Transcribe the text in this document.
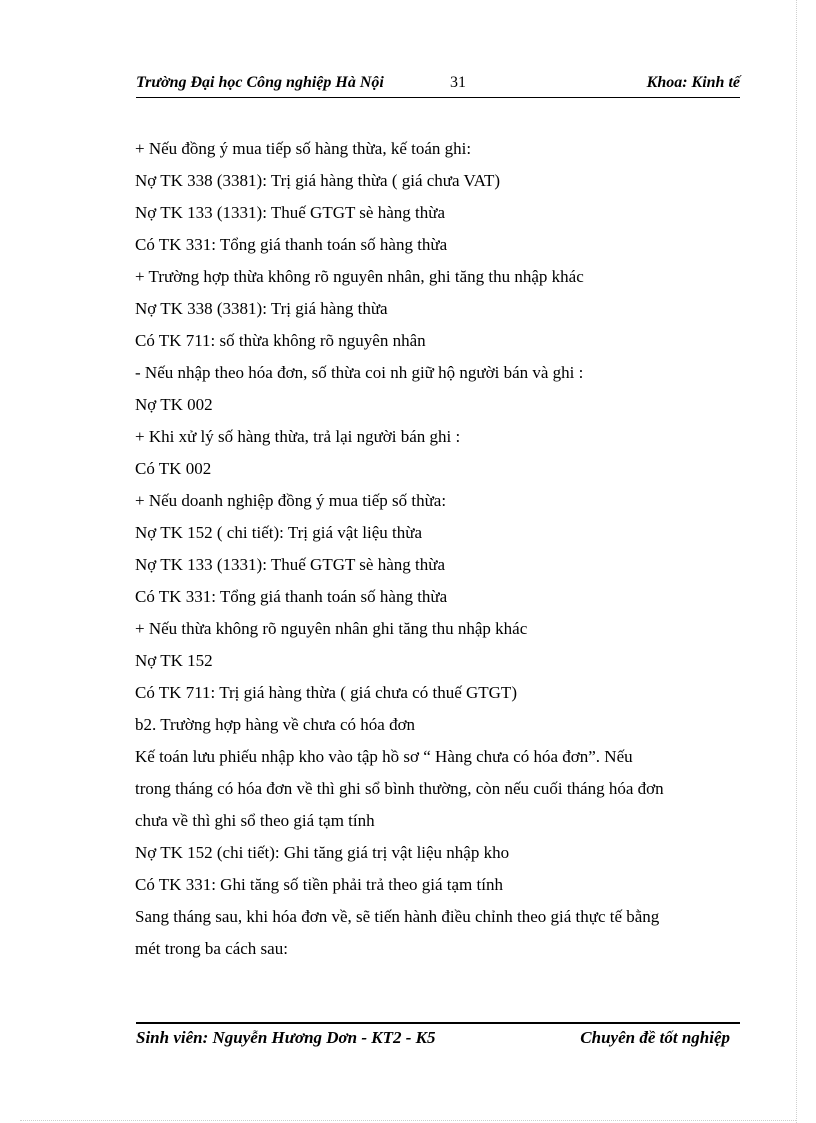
Trường Đại học Công nghiệp Hà Nội	31	Khoa: Kinh tế
+ Nếu đồng ý mua tiếp số hàng thừa, kế toán ghi:
Nợ TK 338 (3381): Trị giá hàng thừa ( giá chưa VAT)
Nợ TK 133 (1331): Thuế GTGT sè hàng thừa
Có TK 331: Tổng giá thanh toán số hàng thừa
+ Trường hợp thừa không rõ nguyên nhân, ghi tăng thu nhập khác
Nợ TK 338 (3381): Trị giá hàng thừa
Có TK 711: số thừa không rõ nguyên nhân
- Nếu nhập theo hóa đơn, số thừa coi nh giữ hộ người bán và ghi :
Nợ TK 002
+ Khi xử lý số hàng thừa, trả lại người bán ghi :
Có TK 002
+ Nếu doanh nghiệp đồng ý mua tiếp số thừa:
Nợ TK 152 ( chi tiết): Trị giá vật liệu thừa
Nợ TK 133 (1331): Thuế GTGT sè hàng thừa
Có TK 331: Tổng giá thanh toán số hàng thừa
+ Nếu thừa không rõ nguyên nhân ghi tăng thu nhập khác
Nợ TK 152
Có TK 711: Trị giá hàng thừa ( giá chưa có thuế GTGT)
b2. Trường hợp hàng về chưa có hóa đơn
Kế toán lưu phiếu nhập kho vào tập hồ sơ “ Hàng chưa có hóa đơn”. Nếu
trong tháng có hóa đơn về thì ghi sổ bình thường, còn nếu cuối tháng hóa đơn
chưa về thì ghi sổ theo giá tạm tính
Nợ TK 152 (chi tiết): Ghi tăng giá trị vật liệu nhập kho
Có TK 331: Ghi tăng số tiền phải trả theo giá tạm tính
Sang tháng sau, khi hóa đơn về, sẽ tiến hành điều chỉnh theo giá thực tế bằng
mét trong ba cách sau:
Sinh viên: Nguyễn Hương Dơn - KT2 - K5	Chuyên đề tốt nghiệp
